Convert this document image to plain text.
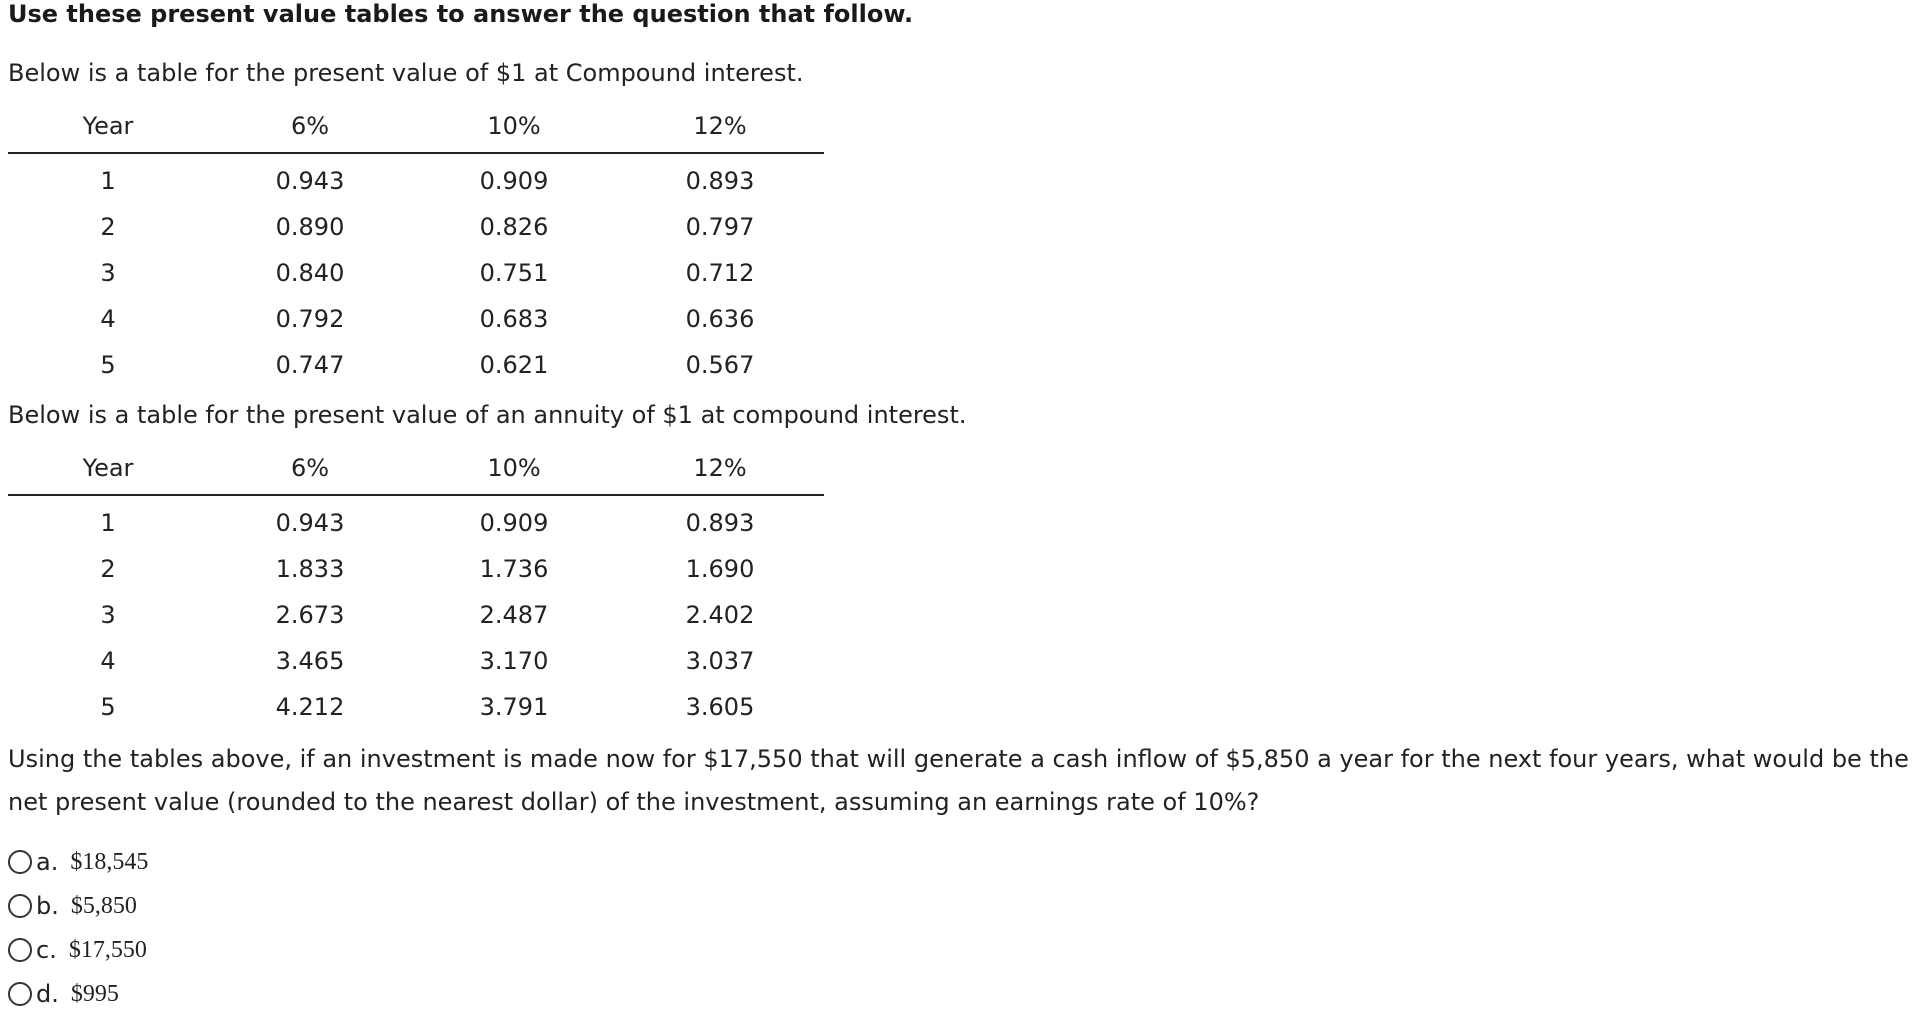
Use these present value tables to answer the question that follow.
Below is a table for the present value of $1 at Compound interest.
Year	6%	10%	12%
1	0.943	0.909	0.893
2	0.890	0.826	0.797
3	0.840	0.751	0.712
4	0.792	0.683	0.636
5	0.747	0.621	0.567
Below is a table for the present value of an annuity of $1 at compound interest.
Year	6%	10%	12%
1	0.943	0.909	0.893
2	1.833	1.736	1.690
3	2.673	2.487	2.402
4	3.465	3.170	3.037
5	4.212	3.791	3.605
Using the tables above, if an investment is made now for $17,550 that will generate a cash inflow of $5,850 a year for the next four years, what would be the
net present value (rounded to the nearest dollar) of the investment, assuming an earnings rate of 10%?
a. $18,545
b. $5,850
c. $17,550
d. $995
